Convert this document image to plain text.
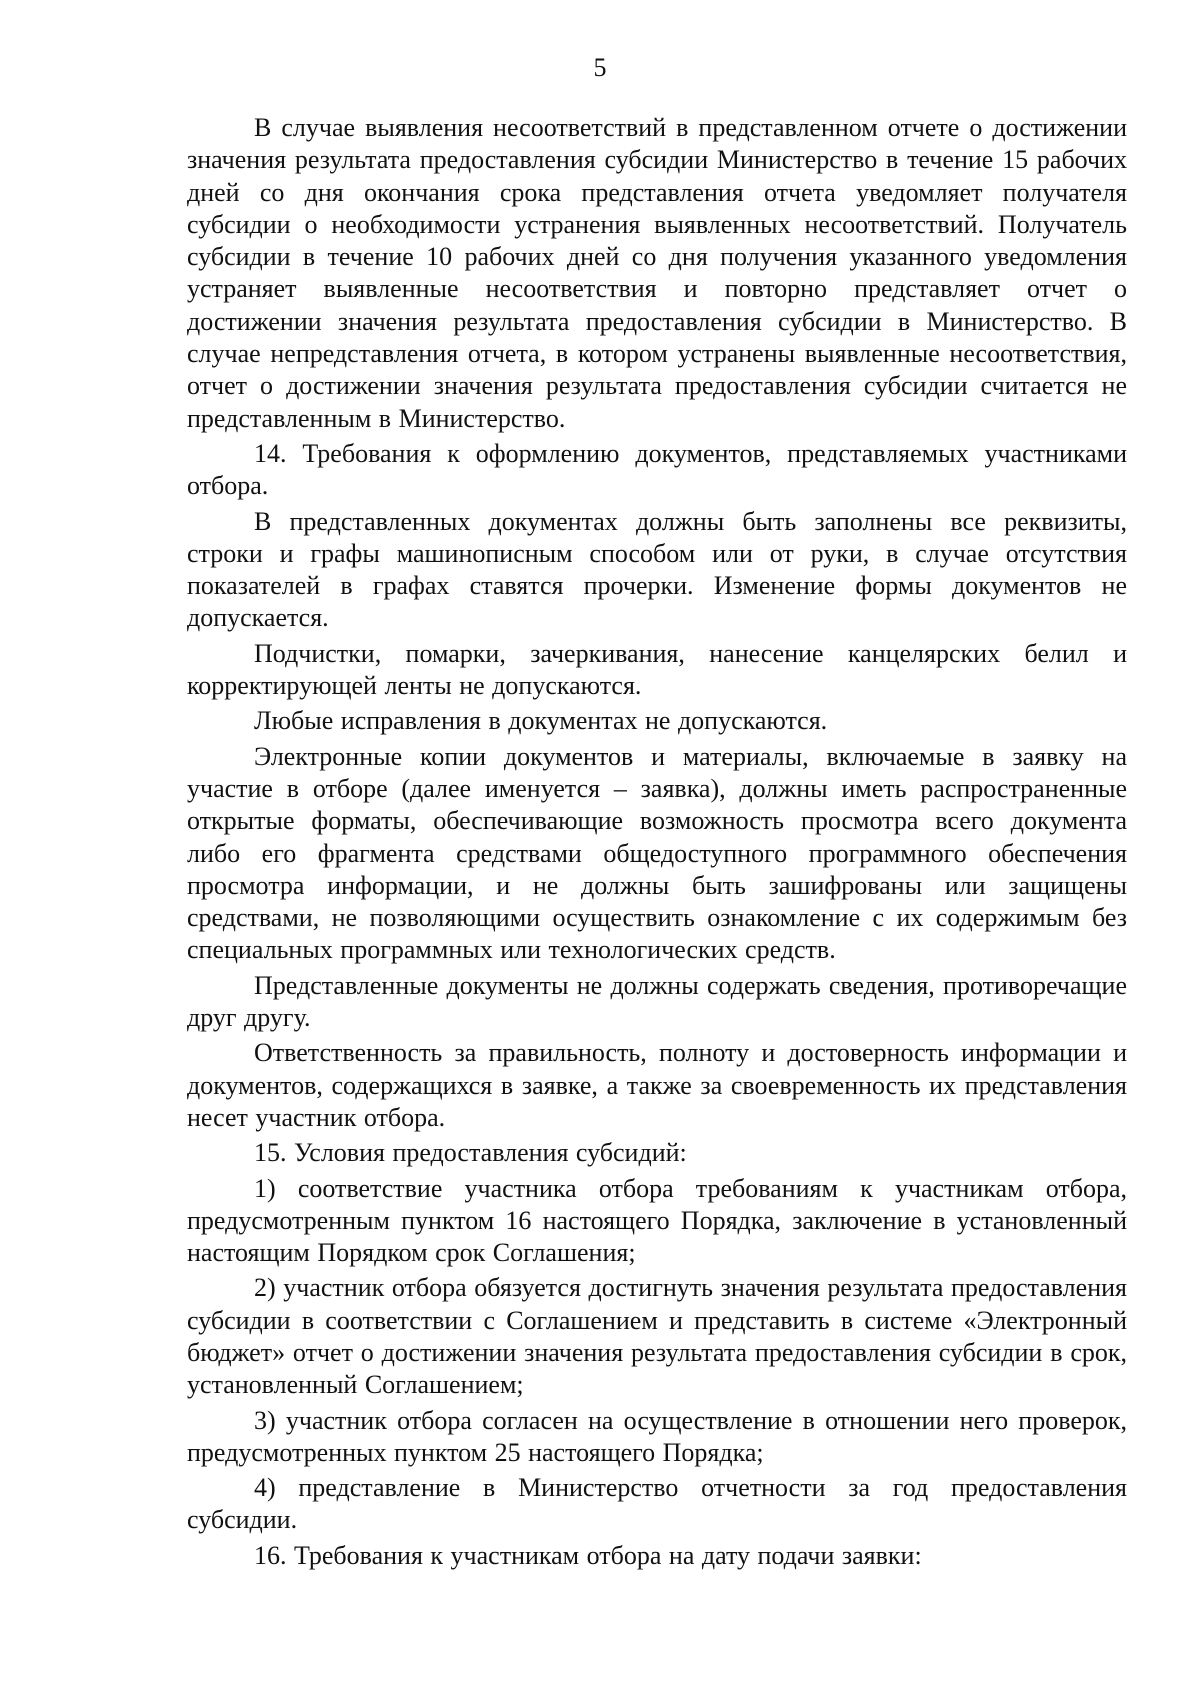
5

В случае выявления несоответствий в представленном отчете о достижении значения результата предоставления субсидии Министерство в течение 15 рабочих дней со дня окончания срока представления отчета уведомляет получателя субсидии о необходимости устранения выявленных несоответствий. Получатель субсидии в течение 10 рабочих дней со дня получения указанного уведомления устраняет выявленные несоответствия и повторно представляет отчет о достижении значения результата предоставления субсидии в Министерство. В случае непредставления отчета, в котором устранены выявленные несоответствия, отчет о достижении значения результата предоставления субсидии считается не представленным в Министерство.

14. Требования к оформлению документов, представляемых участниками отбора.

В представленных документах должны быть заполнены все реквизиты, строки и графы машинописным способом или от руки, в случае отсутствия показателей в графах ставятся прочерки. Изменение формы документов не допускается.

Подчистки, помарки, зачеркивания, нанесение канцелярских белил и корректирующей ленты не допускаются.

Любые исправления в документах не допускаются.

Электронные копии документов и материалы, включаемые в заявку на участие в отборе (далее именуется – заявка), должны иметь распространенные открытые форматы, обеспечивающие возможность просмотра всего документа либо его фрагмента средствами общедоступного программного обеспечения просмотра информации, и не должны быть зашифрованы или защищены средствами, не позволяющими осуществить ознакомление с их содержимым без специальных программных или технологических средств.

Представленные документы не должны содержать сведения, противоречащие друг другу.

Ответственность за правильность, полноту и достоверность информации и документов, содержащихся в заявке, а также за своевременность их представления несет участник отбора.

15. Условия предоставления субсидий:

1) соответствие участника отбора требованиям к участникам отбора, предусмотренным пунктом 16 настоящего Порядка, заключение в установленный настоящим Порядком срок Соглашения;

2) участник отбора обязуется достигнуть значения результата предоставления субсидии в соответствии с Соглашением и представить в системе «Электронный бюджет» отчет о достижении значения результата предоставления субсидии в срок, установленный Соглашением;

3) участник отбора согласен на осуществление в отношении него проверок, предусмотренных пунктом 25 настоящего Порядка;

4) представление в Министерство отчетности за год предоставления субсидии.

16. Требования к участникам отбора на дату подачи заявки:
